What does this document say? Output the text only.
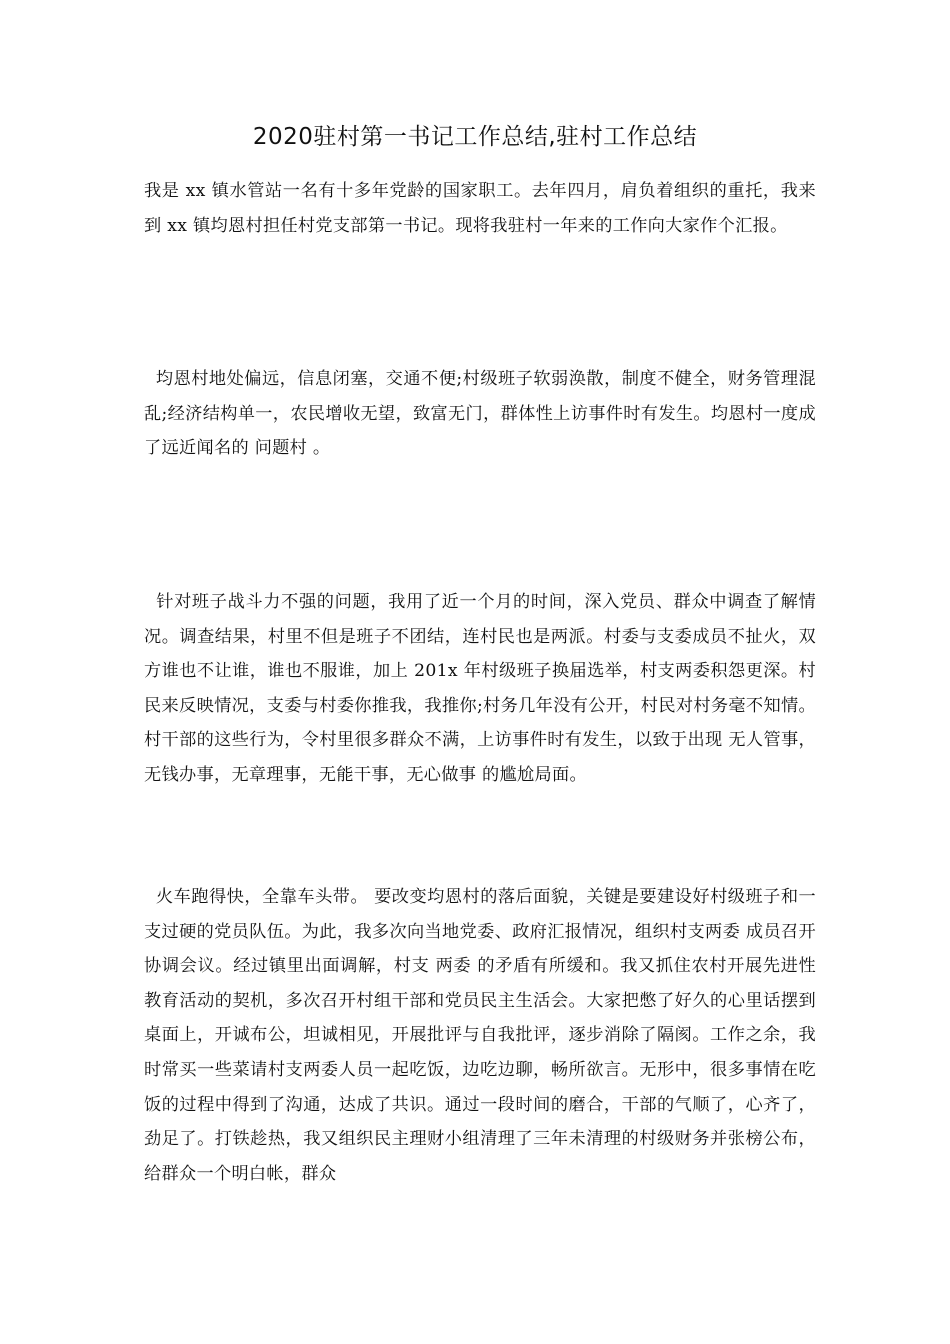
2020驻村第一书记工作总结,驻村工作总结

我是 xx 镇水管站一名有十多年党龄的国家职工。去年四月，肩负着组织的重托，我来到 xx 镇均恩村担任村党支部第一书记。现将我驻村一年来的工作向大家作个汇报。

均恩村地处偏远，信息闭塞，交通不便;村级班子软弱涣散，制度不健全，财务管理混乱;经济结构单一，农民增收无望，致富无门，群体性上访事件时有发生。均恩村一度成了远近闻名的 问题村 。

针对班子战斗力不强的问题，我用了近一个月的时间，深入党员、群众中调查了解情况。调查结果，村里不但是班子不团结，连村民也是两派。村委与支委成员不扯火，双方谁也不让谁，谁也不服谁，加上 201x 年村级班子换届选举，村支两委积怨更深。村民来反映情况，支委与村委你推我，我推你;村务几年没有公开，村民对村务毫不知情。村干部的这些行为，令村里很多群众不满，上访事件时有发生，以致于出现 无人管事，无钱办事，无章理事，无能干事，无心做事 的尴尬局面。

火车跑得快，全靠车头带。 要改变均恩村的落后面貌，关键是要建设好村级班子和一支过硬的党员队伍。为此，我多次向当地党委、政府汇报情况，组织村支两委 成员召开协调会议。经过镇里出面调解，村支 两委 的矛盾有所缓和。我又抓住农村开展先进性教育活动的契机，多次召开村组干部和党员民主生活会。大家把憋了好久的心里话摆到桌面上，开诚布公，坦诚相见，开展批评与自我批评，逐步消除了隔阂。工作之余，我时常买一些菜请村支两委人员一起吃饭，边吃边聊，畅所欲言。无形中，很多事情在吃饭的过程中得到了沟通，达成了共识。通过一段时间的磨合，干部的气顺了，心齐了，劲足了。打铁趁热，我又组织民主理财小组清理了三年未清理的村级财务并张榜公布，给群众一个明白帐，群众
